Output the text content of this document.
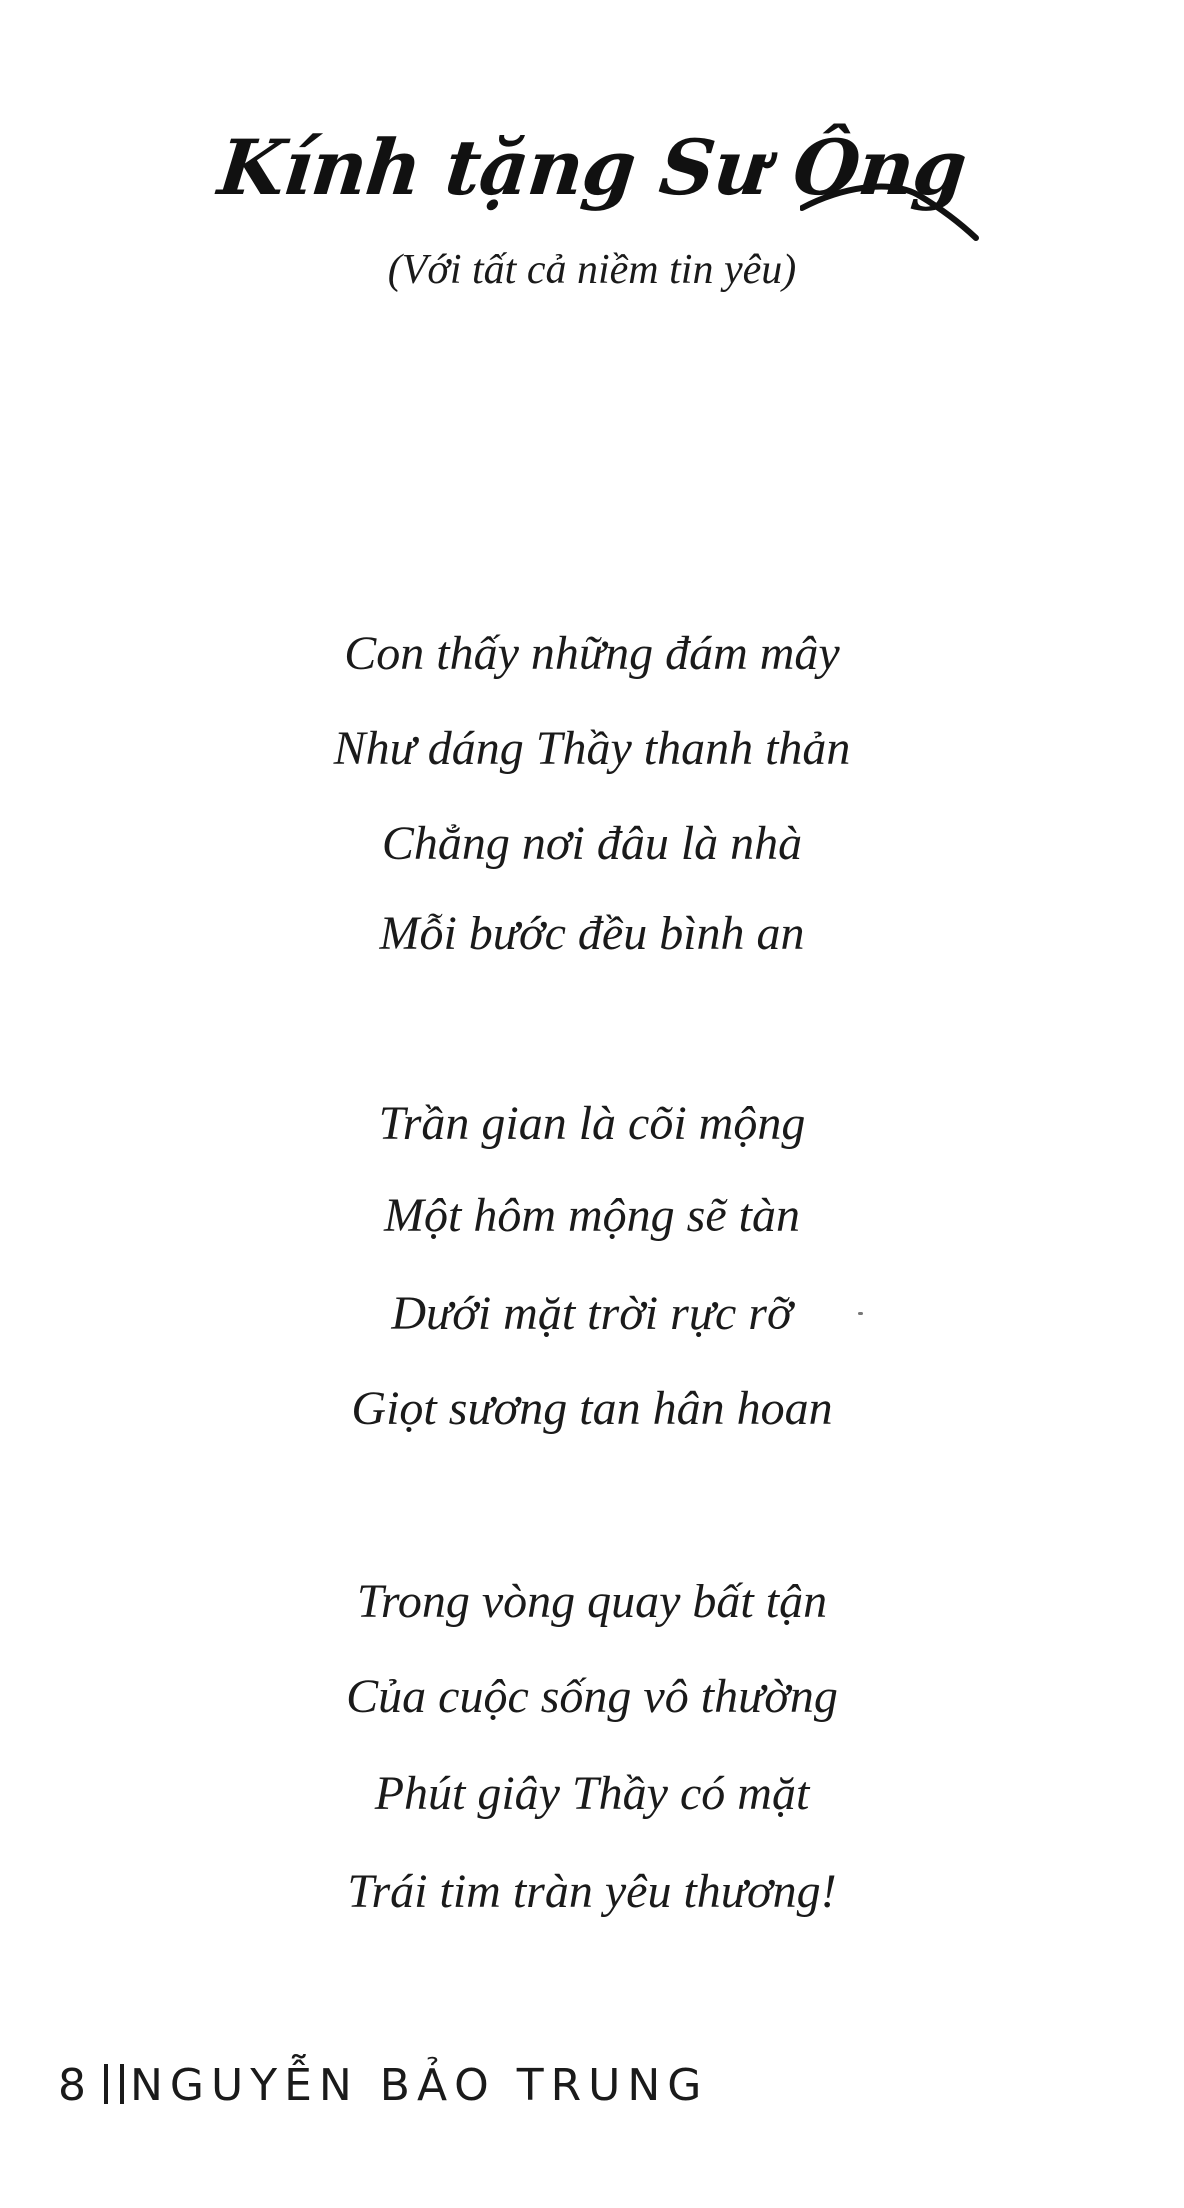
Kính tặng Sư Ông
(Với tất cả niềm tin yêu)
Con thấy những đám mây
Như dáng Thầy thanh thản
Chẳng nơi đâu là nhà
Mỗi bước đều bình an
Trần gian là cõi mộng
Một hôm mộng sẽ tàn
Dưới mặt trời rực rỡ
Giọt sương tan hân hoan
Trong vòng quay bất tận
Của cuộc sống vô thường
Phút giây Thầy có mặt
Trái tim tràn yêu thương!
8 NGUYỄN BẢO TRUNG
